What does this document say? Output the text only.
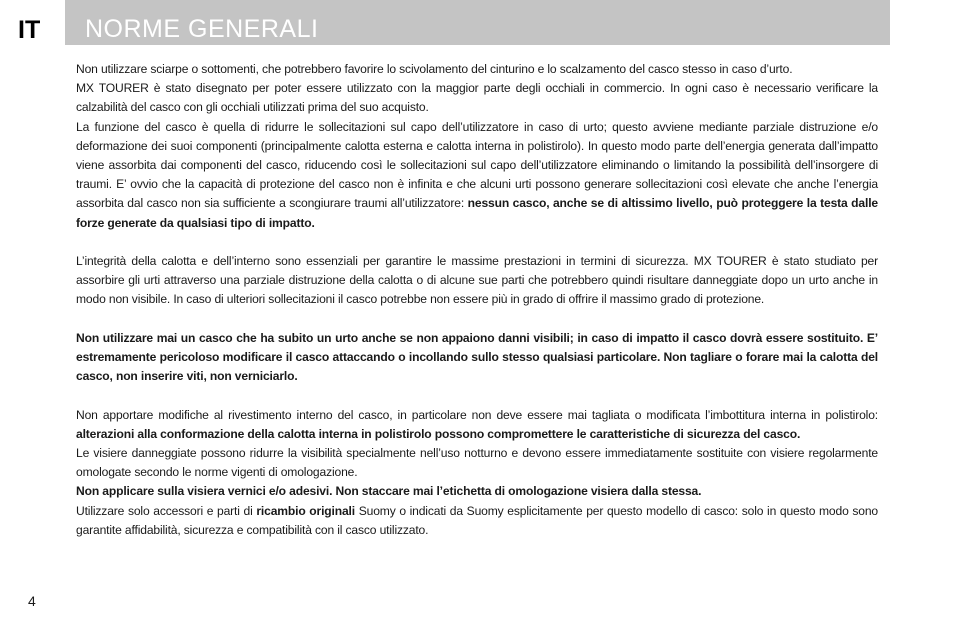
IT NORME GENERALI

Non utilizzare sciarpe o sottomenti, che potrebbero favorire lo scivolamento del cinturino e lo scalzamento del casco stesso in caso d’urto.

MX TOURER è stato disegnato per poter essere utilizzato con la maggior parte degli occhiali in commercio. In ogni caso è necessario verificare la calzabilità del casco con gli occhiali utilizzati prima del suo acquisto.

La funzione del casco è quella di ridurre le sollecitazioni sul capo dell’utilizzatore in caso di urto; questo avviene mediante parziale distruzione e/o deformazione dei suoi componenti (principalmente calotta esterna e calotta interna in polistirolo). In questo modo parte dell’energia generata dall’impatto viene assorbita dai componenti del casco, riducendo così le sollecitazioni sul capo dell’utilizzatore eliminando o limitando la possibilità dell’insorgere di traumi. E’ ovvio che la capacità di protezione del casco non è infinita e che alcuni urti possono generare sollecitazioni così elevate che anche l’energia assorbita dal casco non sia sufficiente a scongiurare traumi all’utilizzatore: nessun casco, anche se di altissimo livello, può proteggere la testa dalle forze generate da qualsiasi tipo di impatto.

L’integrità della calotta e dell’interno sono essenziali per garantire le massime prestazioni in termini di sicurezza. MX TOURER è stato studiato per assorbire gli urti attraverso una parziale distruzione della calotta o di alcune sue parti che potrebbero quindi risultare danneggiate dopo un urto anche in modo non visibile. In caso di ulteriori sollecitazioni il casco potrebbe non essere più in grado di offrire il massimo grado di protezione.

Non utilizzare mai un casco che ha subito un urto anche se non appaiono danni visibili; in caso di impatto il casco dovrà essere sostituito. E’ estremamente pericoloso modificare il casco attaccando o incollando sullo stesso qualsiasi particolare. Non tagliare o forare mai la calotta del casco, non inserire viti, non verniciarlo.

Non apportare modifiche al rivestimento interno del casco, in particolare non deve essere mai tagliata o modificata l’imbottitura interna in polistirolo: alterazioni alla conformazione della calotta interna in polistirolo possono compromettere le caratteristiche di sicurezza del casco.

Le visiere danneggiate possono ridurre la visibilità specialmente nell’uso notturno e devono essere immediatamente sostituite con visiere regolarmente omologate secondo le norme vigenti di omologazione.

Non applicare sulla visiera vernici e/o adesivi. Non staccare mai l’etichetta di omologazione visiera dalla stessa.

Utilizzare solo accessori e parti di ricambio originali Suomy o indicati da Suomy esplicitamente per questo modello di casco: solo in questo modo sono garantite affidabilità, sicurezza e compatibilità con il casco utilizzato.

4
